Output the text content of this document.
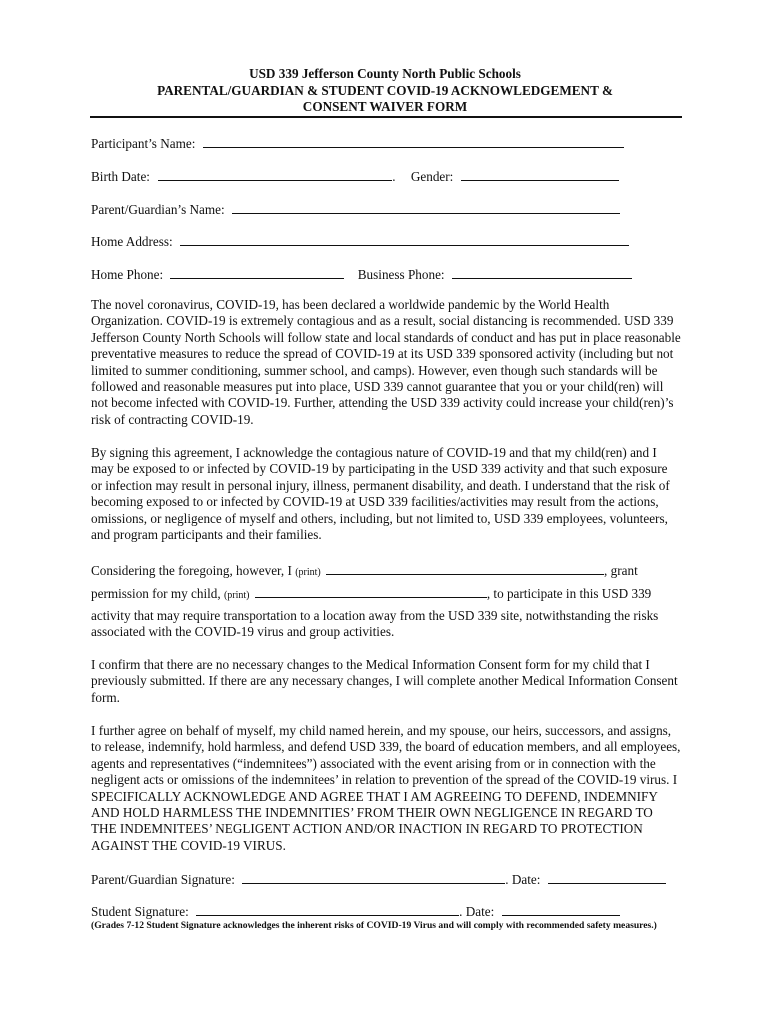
USD 339 Jefferson County North Public Schools
PARENTAL/GUARDIAN & STUDENT COVID-19 ACKNOWLEDGEMENT &
CONSENT WAIVER FORM
Participant’s Name:
Birth Date:	. Gender:
Parent/Guardian’s Name:
Home Address:
Home Phone:	Business Phone:

The novel coronavirus, COVID-19, has been declared a worldwide pandemic by the World Health Organization. COVID-19 is extremely contagious and as a result, social distancing is recommended. USD 339 Jefferson County North Schools will follow state and local standards of conduct and has put in place reasonable preventative measures to reduce the spread of COVID-19 at its USD 339 sponsored activity (including but not limited to summer conditioning, summer school, and camps). However, even though such standards will be followed and reasonable measures put into place, USD 339 cannot guarantee that you or your child(ren) will not become infected with COVID-19. Further, attending the USD 339 activity could increase your child(ren)’s risk of contracting COVID-19.

By signing this agreement, I acknowledge the contagious nature of COVID-19 and that my child(ren) and I may be exposed to or infected by COVID-19 by participating in the USD 339 activity and that such exposure or infection may result in personal injury, illness, permanent disability, and death. I understand that the risk of becoming exposed to or infected by COVID-19 at USD 339 facilities/activities may result from the actions, omissions, or negligence of myself and others, including, but not limited to, USD 339 employees, volunteers, and program participants and their families.

Considering the foregoing, however, I (print)	, grant
permission for my child, (print)	, to participate in this USD 339

activity that may require transportation to a location away from the USD 339 site, notwithstanding the risks associated with the COVID-19 virus and group activities.

I confirm that there are no necessary changes to the Medical Information Consent form for my child that I previously submitted. If there are any necessary changes, I will complete another Medical Information Consent form.

I further agree on behalf of myself, my child named herein, and my spouse, our heirs, successors, and assigns, to release, indemnify, hold harmless, and defend USD 339, the board of education members, and all employees, agents and representatives (“indemnitees”) associated with the event arising from or in connection with the negligent acts or omissions of the indemnitees’ in relation to prevention of the spread of the COVID-19 virus. I SPECIFICALLY ACKNOWLEDGE AND AGREE THAT I AM AGREEING TO DEFEND, INDEMNIFY AND HOLD HARMLESS THE INDEMNITIES’ FROM THEIR OWN NEGLIGENCE IN REGARD TO THE INDEMNITEES’ NEGLIGENT ACTION AND/OR INACTION IN REGARD TO PROTECTION AGAINST THE COVID-19 VIRUS.

Parent/Guardian Signature:	. Date:
Student Signature:	. Date:
(Grades 7-12 Student Signature acknowledges the inherent risks of COVID-19 Virus and will comply with recommended safety measures.)
